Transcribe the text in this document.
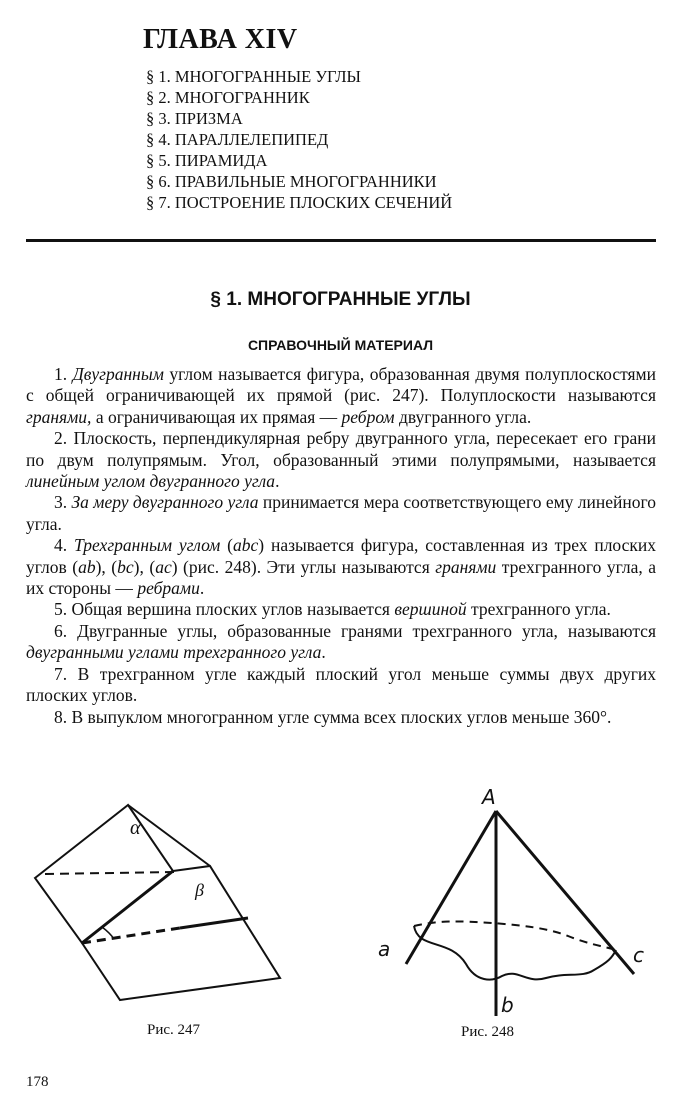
ГЛАВА XIV
§ 1. МНОГОГРАННЫЕ УГЛЫ
§ 2. МНОГОГРАННИК
§ 3. ПРИЗМА
§ 4. ПАРАЛЛЕЛЕПИПЕД
§ 5. ПИРАМИДА
§ 6. ПРАВИЛЬНЫЕ МНОГОГРАННИКИ
§ 7. ПОСТРОЕНИЕ ПЛОСКИХ СЕЧЕНИЙ
§ 1. МНОГОГРАННЫЕ УГЛЫ
СПРАВОЧНЫЙ МАТЕРИАЛ

1. Двугранным углом называется фигура, образованная двумя полуплоскостями с общей ограничивающей их прямой (рис. 247). Полуплоскости называются гранями, а ограничивающая их прямая — ребром двугранного угла.

2. Плоскость, перпендикулярная ребру двугранного угла, пересекает его грани по двум полупрямым. Угол, образованный этими полупрямыми, называется линейным углом двугранного угла.

3. За меру двугранного угла принимается мера соответствующего ему линейного угла.

4. Трехгранным углом (abc) называется фигура, составленная из трех плоских углов (ab), (bc), (ac) (рис. 248). Эти углы называются гранями трехгранного угла, а их стороны — ребрами.

5. Общая вершина плоских углов называется вершиной трехгранного угла.

6. Двугранные углы, образованные гранями трехгранного угла, называются двугранными углами трехгранного угла.

7. В трехгранном угле каждый плоский угол меньше суммы двух других плоских углов.

8. В выпуклом многогранном угле сумма всех плоских углов меньше 360°.

α
β
Рис. 247
A
a
b
c
Рис. 248
178
